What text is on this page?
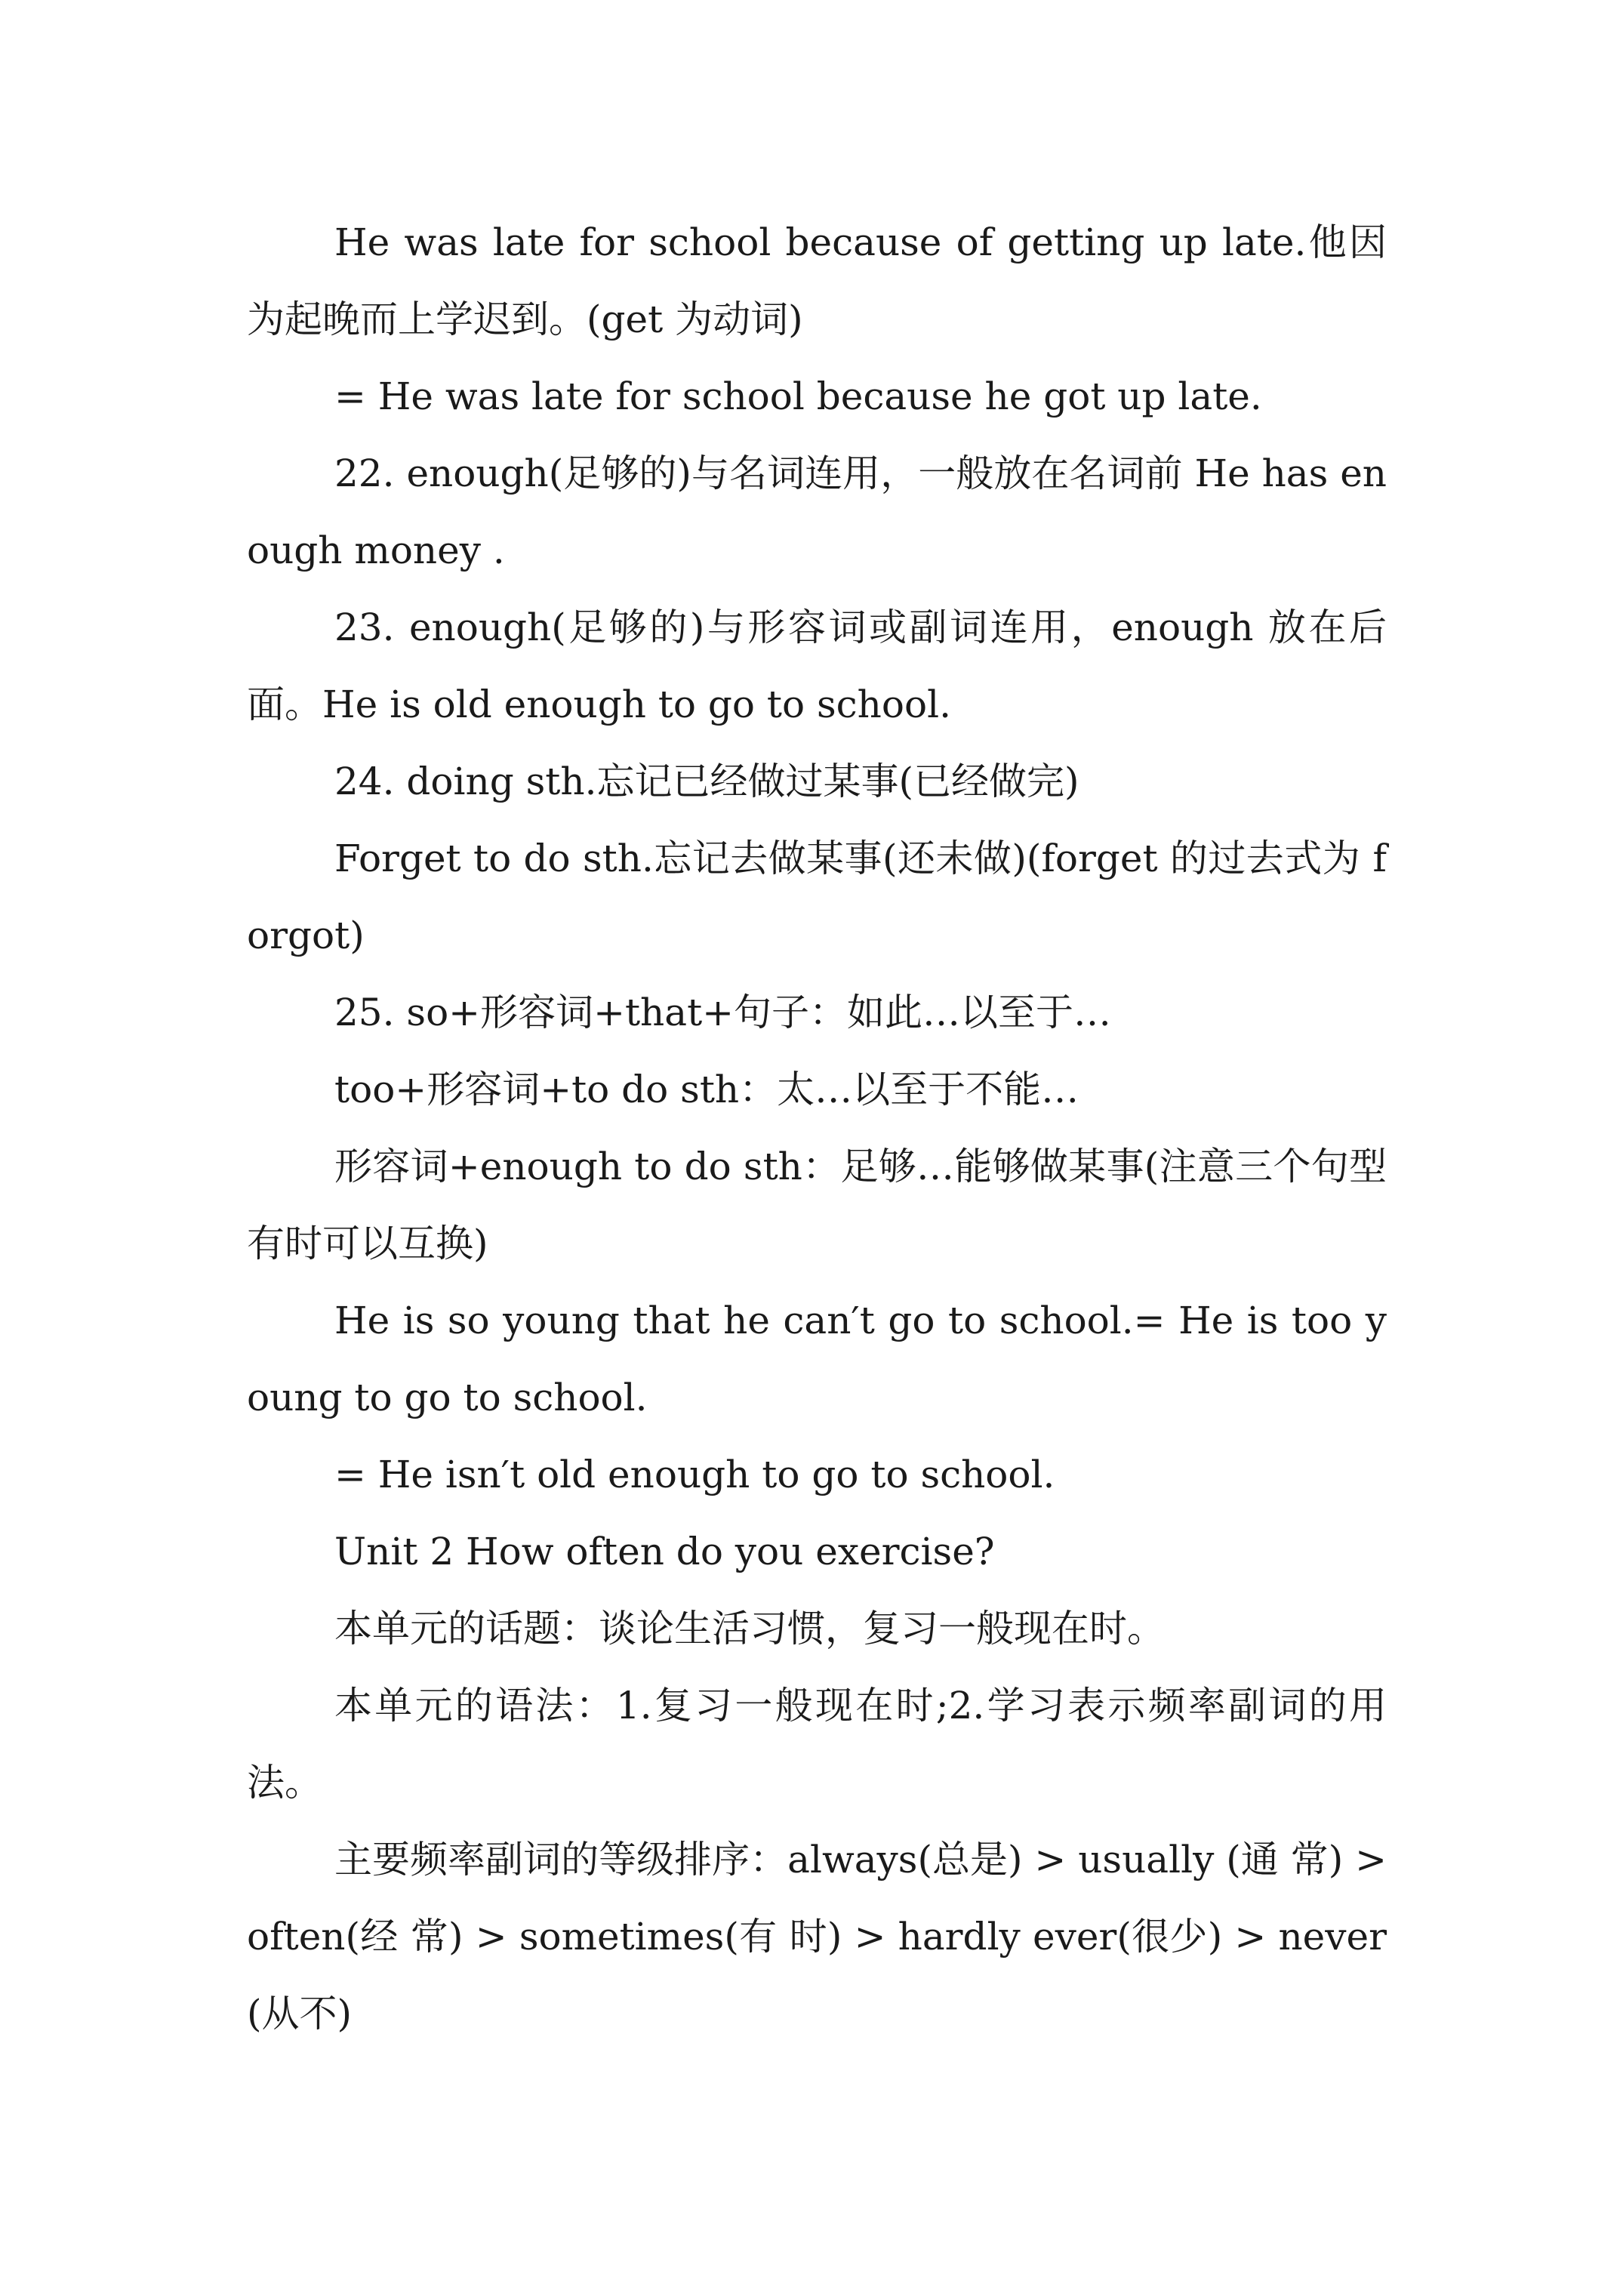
He was late for school because of getting up late.他因为起晚而上学迟到。(get 为动词)

= He was late for school because he got up late.

22. enough(足够的)与名词连用，一般放在名词前 He has enough money .

23. enough(足够的)与形容词或副词连用，enough 放在后面。He is old enough to go to school.

24. doing sth.忘记已经做过某事(已经做完)

Forget to do sth.忘记去做某事(还未做)(forget 的过去式为 forgot)

25. so+形容词+that+句子：如此…以至于…

too+形容词+to do sth：太…以至于不能…

形容词+enough to do sth：足够…能够做某事(注意三个句型有时可以互换)

He is so young that he can′t go to school.= He is too young to go to school.

= He isn′t old enough to go to school.

Unit 2 How often do you exercise?

本单元的话题：谈论生活习惯，复习一般现在时。

本单元的语法：1.复习一般现在时;2.学习表示频率副词的用法。

主要频率副词的等级排序：always(总是) > usually (通 常) > often(经 常) > sometimes(有 时) > hardly ever(很少) > never(从不)
